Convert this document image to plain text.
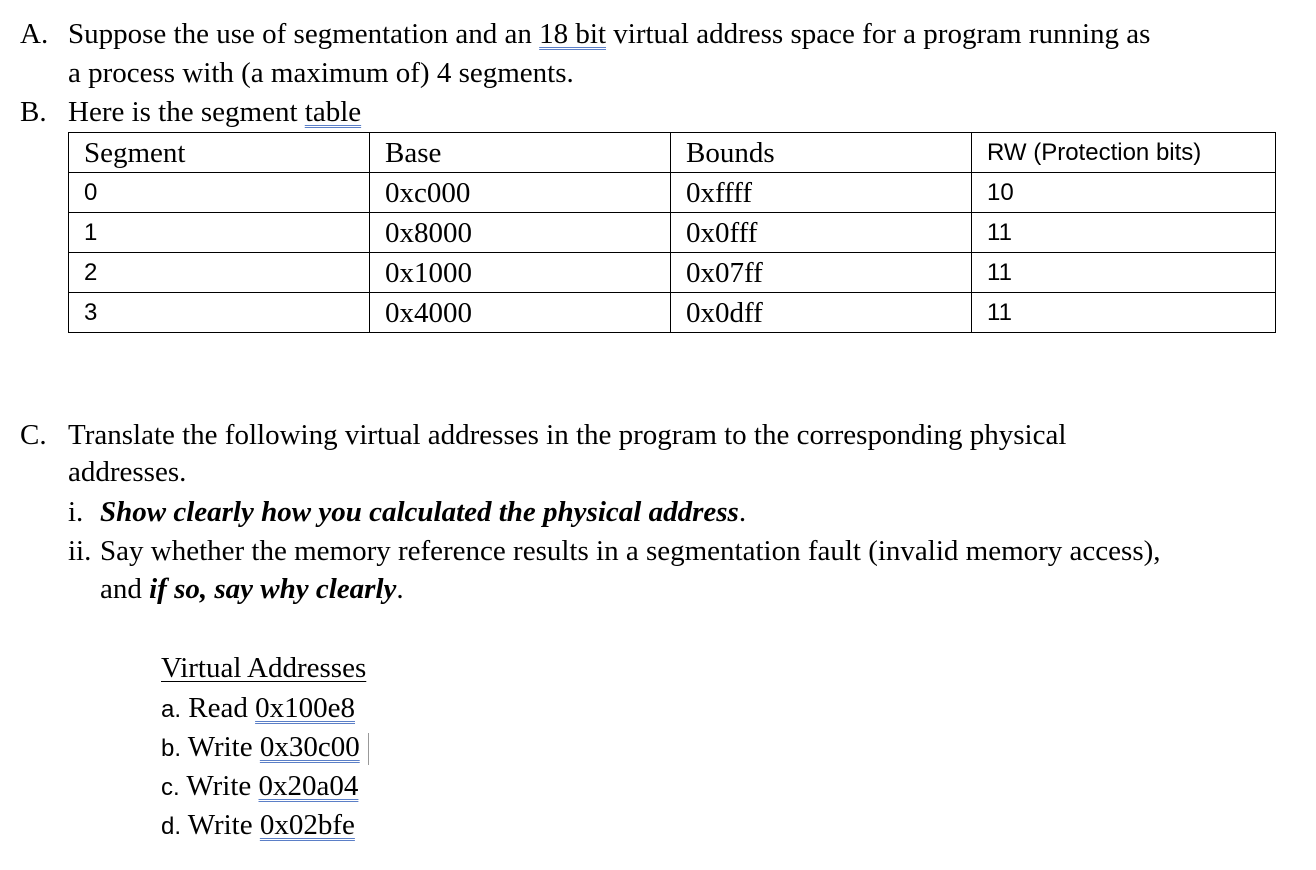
A. Suppose the use of segmentation and an 18 bit virtual address space for a program running as
a process with (a maximum of) 4 segments.
B. Here is the segment table
Segment	Base	Bounds	RW (Protection bits)
0	0xc000	0xffff	10
1	0x8000	0x0fff	11
2	0x1000	0x07ff	11
3	0x4000	0x0dff	11
C. Translate the following virtual addresses in the program to the corresponding physical
addresses.
i. Show clearly how you calculated the physical address.
ii. Say whether the memory reference results in a segmentation fault (invalid memory access),
and if so, say why clearly.
Virtual Addresses
a. Read 0x100e8
b. Write 0x30c00
c. Write 0x20a04
d. Write 0x02bfe
